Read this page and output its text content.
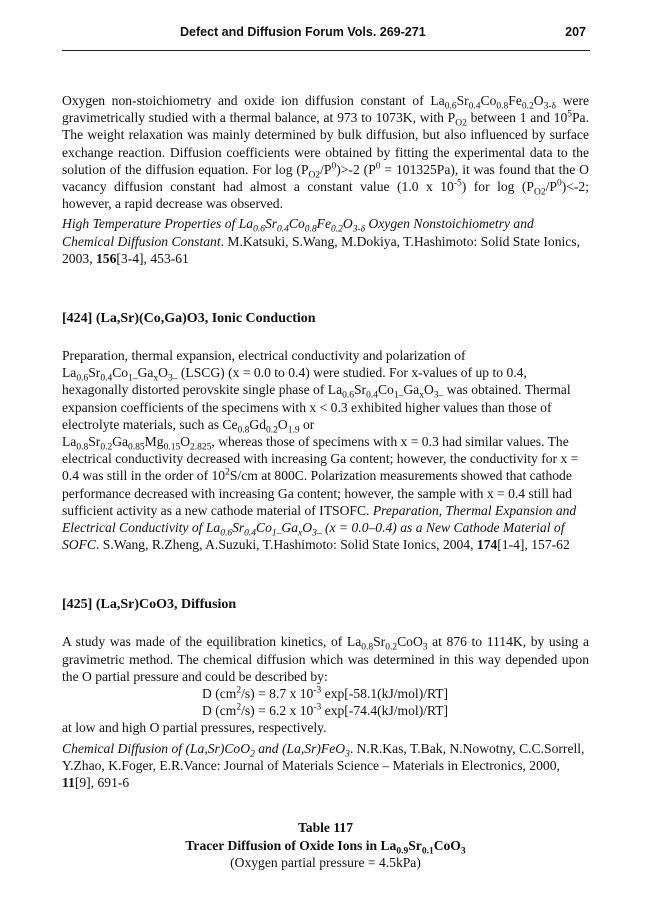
Defect and Diffusion Forum Vols. 269-271	207

Oxygen non-stoichiometry and oxide ion diffusion constant of $La_{0.6}Sr_{0.4}Co_{0.8}Fe_{0.2}O_{3-\delta}$ were gravimetrically studied with a thermal balance, at 973 to 1073K, with $P_{O2}$ between 1 and $10^5Pa$. The weight relaxation was mainly determined by bulk diffusion, but also influenced by surface exchange reaction. Diffusion coefficients were obtained by fitting the experimental data to the solution of the diffusion equation. For $\log (P_{O2}/P^0)>-2$ $(P^0 = 101325Pa)$, it was found that the O vacancy diffusion constant had almost a constant value (1.0 x $10^{-5}$) for $\log (P_{O2}/P^0)<-2$; however, a rapid decrease was observed.

High Temperature Properties of $La_{0.6}Sr_{0.4}Co_{0.8}Fe_{0.2}O_{3-\delta}$ Oxygen Nonstoichiometry and Chemical Diffusion Constant. M.Katsuki, S.Wang, M.Dokiya, T.Hashimoto: Solid State Ionics, 2003, 156[3-4], 453-61

[424] (La,Sr)(Co,Ga)O3, Ionic Conduction

Preparation, thermal expansion, electrical conductivity and polarization of
$La_{0.6}Sr_{0.4}Co_{1-}Ga_xO_{3-}$ (LSCG) (x = 0.0 to 0.4) were studied. For x-values of up to 0.4, hexagonally distorted perovskite single phase of $La_{0.6}Sr_{0.4}Co_{1-}Ga_xO_{3-}$ was obtained. Thermal expansion coefficients of the specimens with x < 0.3 exhibited higher values than those of electrolyte materials, such as $Ce_{0.8}Gd_{0.2}O_{1.9}$ or
$La_{0.8}Sr_{0.2}Ga_{0.85}Mg_{0.15}O_{2.825}$, whereas those of specimens with x = 0.3 had similar values. The electrical conductivity decreased with increasing Ga content; however, the conductivity for x = 0.4 was still in the order of $10^2S/cm$ at 800C. Polarization measurements showed that cathode performance decreased with increasing Ga content; however, the sample with x = 0.4 still had sufficient activity as a new cathode material of ITSOFC. Preparation, Thermal Expansion and Electrical Conductivity of $La_{0.6}Sr_{0.4}Co_{1-}Ga_xO_{3-}$ (x = 0.0–0.4) as a New Cathode Material of SOFC. S.Wang, R.Zheng, A.Suzuki, T.Hashimoto: Solid State Ionics, 2004, 174[1-4], 157-62

[425] (La,Sr)CoO3, Diffusion

A study was made of the equilibration kinetics, of $La_{0.8}Sr_{0.2}CoO_3$ at 876 to 1114K, by using a gravimetric method. The chemical diffusion which was determined in this way depended upon the O partial pressure and could be described by:

D $(cm^2/s) = 8.7$ x $10^{-3}$ exp[-58.1(kJ/mol)/RT]

D $(cm^2/s) = 6.2$ x $10^{-3}$ exp[-74.4(kJ/mol)/RT]

at low and high O partial pressures, respectively.

Chemical Diffusion of (La,Sr)CoO$_2$ and (La,Sr)FeO$_3$. N.R.Kas, T.Bak, N.Nowotny, C.C.Sorrell, Y.Zhao, K.Foger, E.R.Vance: Journal of Materials Science – Materials in Electronics, 2000, 11[9], 691-6

Table 117
Tracer Diffusion of Oxide Ions in $La_{0.9}Sr_{0.1}CoO_3$
(Oxygen partial pressure = 4.5kPa)
